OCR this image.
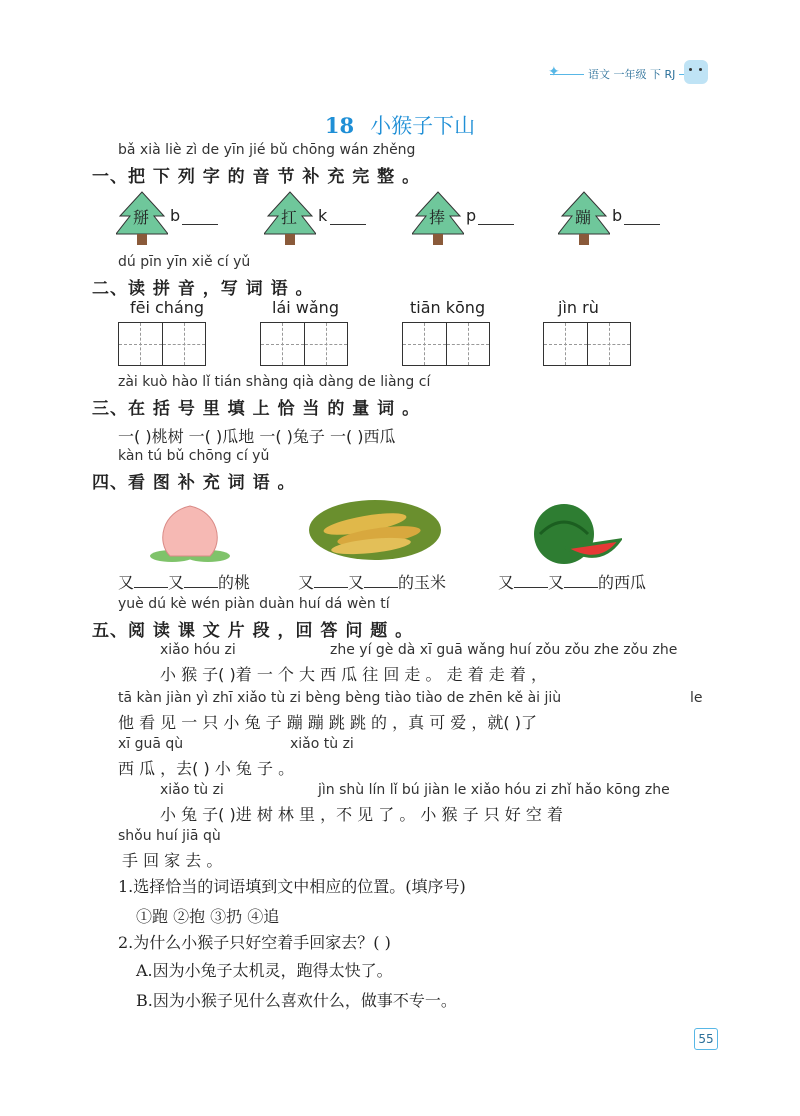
✦	语文 一年级 下 RJ
18 小猴子下山
bǎ xià liè zì de yīn jié bǔ chōng wán zhěng
一、把 下 列 字 的 音 节 补 充 完 整 。
掰 b	扛 k	捧 p	蹦 b
dú pīn yīn xiě cí yǔ
二、读 拼 音 ，写 词 语 。
fēi cháng	lái wǎng	tiān kōng	jìn rù
zài kuò hào lǐ tián shàng qià dàng de liàng cí
三、在 括 号 里 填 上 恰 当 的 量 词 。
一( )桃树 一( )瓜地 一( )兔子 一( )西瓜
kàn tú bǔ chōng cí yǔ
四、看 图 补 充 词 语 。
又 又 的桃	又 又 的玉米	又 又 的西瓜
yuè dú kè wén piàn duàn huí dá wèn tí
五、阅 读 课 文 片 段 ，回 答 问 题 。
xiǎo hóu zi	zhe yí gè dà xī guā wǎng huí zǒu zǒu zhe zǒu zhe
小 猴 子( )着 一 个 大 西 瓜 往 回 走 。 走 着 走 着 ，
tā kàn jiàn yì zhī xiǎo tù zi bèng bèng tiào tiào de zhēn kě ài jiù	le
他 看 见 一 只 小 兔 子 蹦 蹦 跳 跳 的 ，真 可 爱 ，就( )了
xī guā qù	xiǎo tù zi
西 瓜 ，去( ) 小 兔 子 。
xiǎo tù zi	jìn shù lín lǐ bú jiàn le xiǎo hóu zi zhǐ hǎo kōng zhe
小 兔 子( )进 树 林 里 ，不 见 了 。 小 猴 子 只 好 空 着
shǒu huí jiā qù
手 回 家 去 。
1.选择恰当的词语填到文中相应的位置。(填序号)
①跑 ②抱 ③扔 ④追
2.为什么小猴子只好空着手回家去？( )
A.因为小兔子太机灵，跑得太快了。
B.因为小猴子见什么喜欢什么，做事不专一。
55
